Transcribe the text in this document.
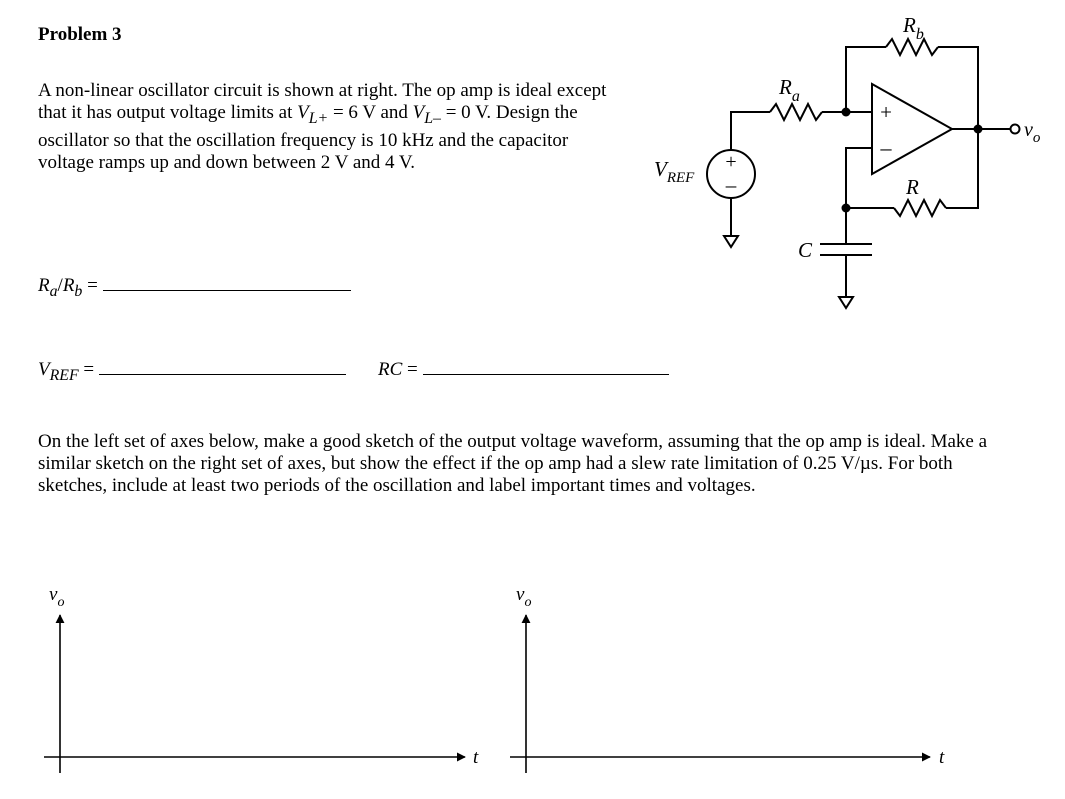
Problem 3
A non-linear oscillator circuit is shown at right. The op amp is ideal except that it has output voltage limits at $V_{L+} = 6$ V and $V_{L-} = 0$ V. Design the oscillator so that the oscillation frequency is 10 kHz and the capacitor voltage ramps up and down between 2 V and 4 V.
$R_a/R_b$ =
$V_{REF}$ =	RC =
On the left set of axes below, make a good sketch of the output voltage waveform, assuming that the op amp is ideal. Make a similar sketch on the right set of axes, but show the effect if the op amp had a slew rate limitation of 0.25 V/µs. For both sketches, include at least two periods of the oscillation and label important times and voltages.
+
–
+
–
$R_b$
$R_a$
R
C
$V_{REF}$
$v_o$
$v_o$
t
$v_o$
t
